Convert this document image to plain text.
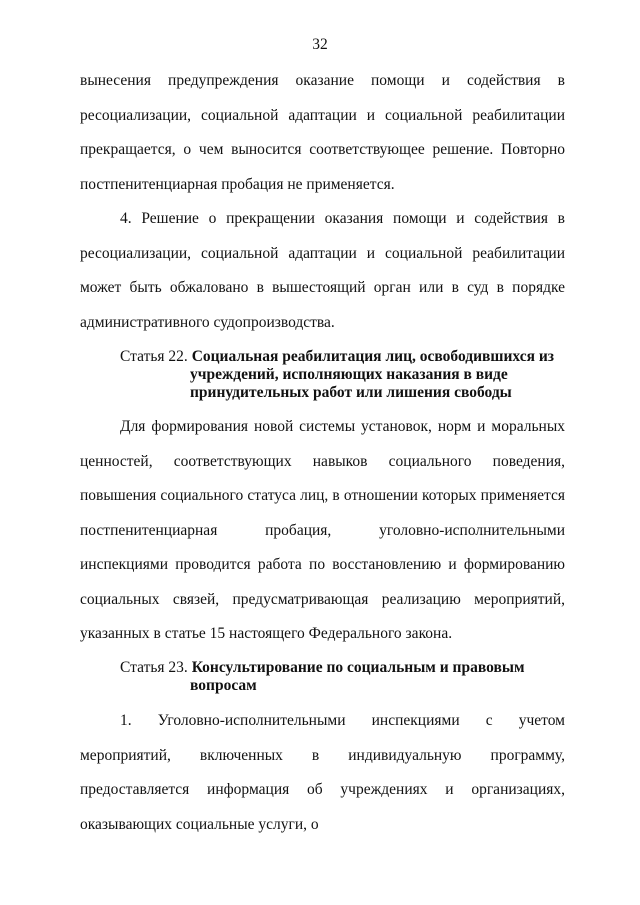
32

вынесения предупреждения оказание помощи и содействия в ресоциализации, социальной адаптации и социальной реабилитации прекращается, о чем выносится соответствующее решение. Повторно постпенитенциарная пробация не применяется.

4. Решение о прекращении оказания помощи и содействия в ресоциализации, социальной адаптации и социальной реабилитации может быть обжаловано в вышестоящий орган или в суд в порядке административного судопроизводства.

Статья 22. Социальная реабилитация лиц, освободившихся из учреждений, исполняющих наказания в виде принудительных работ или лишения свободы

Для формирования новой системы установок, норм и моральных ценностей, соответствующих навыков социального поведения, повышения социального статуса лиц, в отношении которых применяется постпенитенциарная пробация, уголовно-исполнительными инспекциями проводится работа по восстановлению и формированию социальных связей, предусматривающая реализацию мероприятий, указанных в статье 15 настоящего Федерального закона.

Статья 23. Консультирование по социальным и правовым вопросам

1. Уголовно-исполнительными инспекциями с учетом мероприятий, включенных в индивидуальную программу, предоставляется информация об учреждениях и организациях, оказывающих социальные услуги, о
